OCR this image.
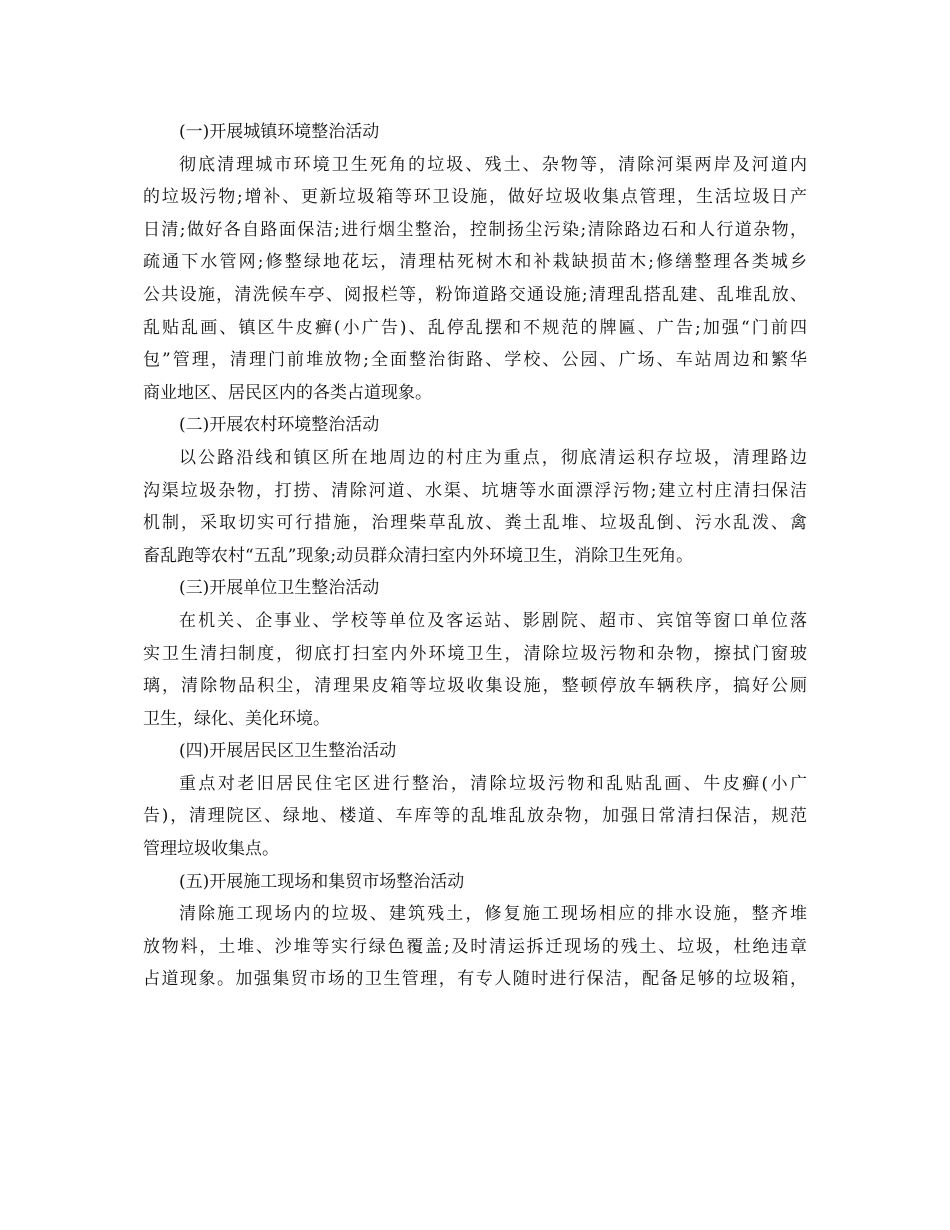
(一)开展城镇环境整治活动
彻底清理城市环境卫生死角的垃圾、残土、杂物等，清除河渠两岸及河道内
的垃圾污物;增补、更新垃圾箱等环卫设施，做好垃圾收集点管理，生活垃圾日产
日清;做好各自路面保洁;进行烟尘整治，控制扬尘污染;清除路边石和人行道杂物，
疏通下水管网;修整绿地花坛，清理枯死树木和补栽缺损苗木;修缮整理各类城乡
公共设施，清洗候车亭、阅报栏等，粉饰道路交通设施;清理乱搭乱建、乱堆乱放、
乱贴乱画、镇区牛皮癣(小广告)、乱停乱摆和不规范的牌匾、广告;加强“门前四
包”管理，清理门前堆放物;全面整治街路、学校、公园、广场、车站周边和繁华
商业地区、居民区内的各类占道现象。
(二)开展农村环境整治活动
以公路沿线和镇区所在地周边的村庄为重点，彻底清运积存垃圾，清理路边
沟渠垃圾杂物，打捞、清除河道、水渠、坑塘等水面漂浮污物;建立村庄清扫保洁
机制，采取切实可行措施，治理柴草乱放、粪土乱堆、垃圾乱倒、污水乱泼、禽
畜乱跑等农村“五乱”现象;动员群众清扫室内外环境卫生，消除卫生死角。
(三)开展单位卫生整治活动
在机关、企事业、学校等单位及客运站、影剧院、超市、宾馆等窗口单位落
实卫生清扫制度，彻底打扫室内外环境卫生，清除垃圾污物和杂物，擦拭门窗玻
璃，清除物品积尘，清理果皮箱等垃圾收集设施，整顿停放车辆秩序，搞好公厕
卫生，绿化、美化环境。
(四)开展居民区卫生整治活动
重点对老旧居民住宅区进行整治，清除垃圾污物和乱贴乱画、牛皮癣(小广
告)，清理院区、绿地、楼道、车库等的乱堆乱放杂物，加强日常清扫保洁，规范
管理垃圾收集点。
(五)开展施工现场和集贸市场整治活动
清除施工现场内的垃圾、建筑残土，修复施工现场相应的排水设施，整齐堆
放物料，土堆、沙堆等实行绿色覆盖;及时清运拆迁现场的残土、垃圾，杜绝违章
占道现象。加强集贸市场的卫生管理，有专人随时进行保洁，配备足够的垃圾箱，
